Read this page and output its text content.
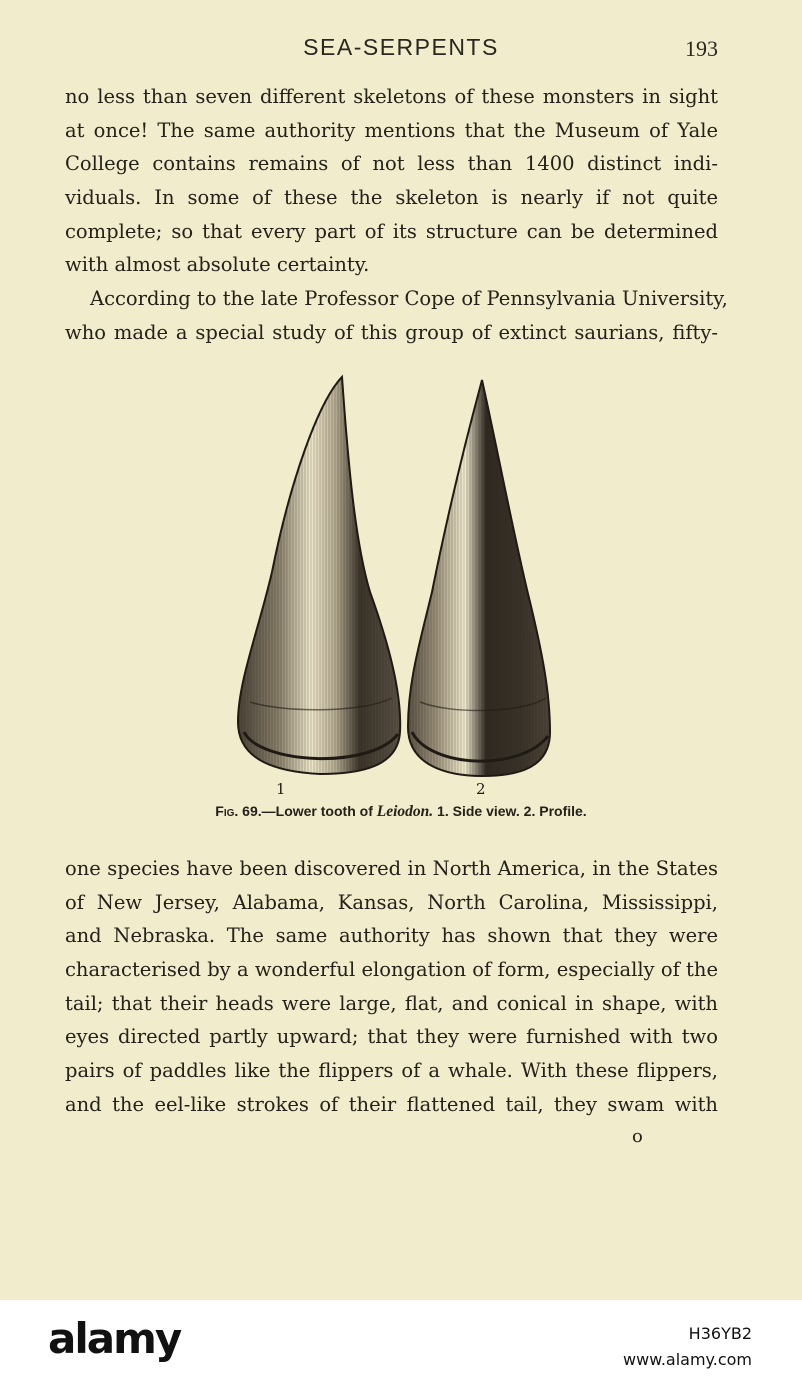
SEA-SERPENTS	193
no less than seven different skeletons of these monsters in sight
at once! The same authority mentions that the Museum of Yale
College contains remains of not less than 1400 distinct indi-
viduals. In some of these the skeleton is nearly if not quite
complete; so that every part of its structure can be determined
with almost absolute certainty.
According to the late Professor Cope of Pennsylvania University,
who made a special study of this group of extinct saurians, fifty-
1	2
Fig. 69.—Lower tooth of Leiodon. 1. Side view. 2. Profile.
one species have been discovered in North America, in the States
of New Jersey, Alabama, Kansas, North Carolina, Mississippi,
and Nebraska. The same authority has shown that they were
characterised by a wonderful elongation of form, especially of the
tail; that their heads were large, flat, and conical in shape, with
eyes directed partly upward; that they were furnished with two
pairs of paddles like the flippers of a whale. With these flippers,
and the eel-like strokes of their flattened tail, they swam with
o
alamy	H36YB2
www.alamy.com
